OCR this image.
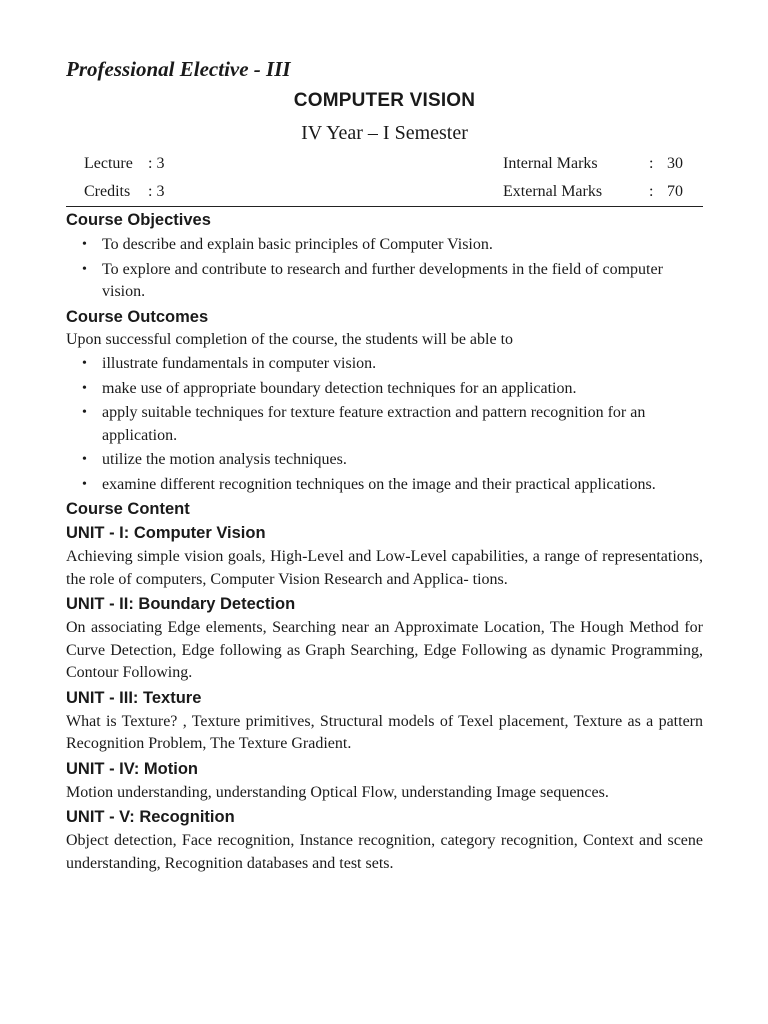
Professional Elective - III
COMPUTER VISION
IV Year – I Semester
Lecture : 3
Credits : 3
Internal Marks	: 30
External Marks	: 70
Course Objectives
• To describe and explain basic principles of Computer Vision.
• To explore and contribute to research and further developments in the field of computer vision.
Course Outcomes

Upon successful completion of the course, the students will be able to

• illustrate fundamentals in computer vision.
• make use of appropriate boundary detection techniques for an application.
• apply suitable techniques for texture feature extraction and pattern recognition for an application.
• utilize the motion analysis techniques.
• examine different recognition techniques on the image and their practical applications.
Course Content
UNIT - I: Computer Vision

Achieving simple vision goals, High-Level and Low-Level capabilities, a range of representations, the role of computers, Computer Vision Research and Applica- tions.

UNIT - II: Boundary Detection

On associating Edge elements, Searching near an Approximate Location, The Hough Method for Curve Detection, Edge following as Graph Searching, Edge Following as dynamic Programming, Contour Following.

UNIT - III: Texture

What is Texture? , Texture primitives, Structural models of Texel placement, Texture as a pattern Recognition Problem, The Texture Gradient.

UNIT - IV: Motion

Motion understanding, understanding Optical Flow, understanding Image sequences.

UNIT - V: Recognition

Object detection, Face recognition, Instance recognition, category recognition, Context and scene understanding, Recognition databases and test sets.
